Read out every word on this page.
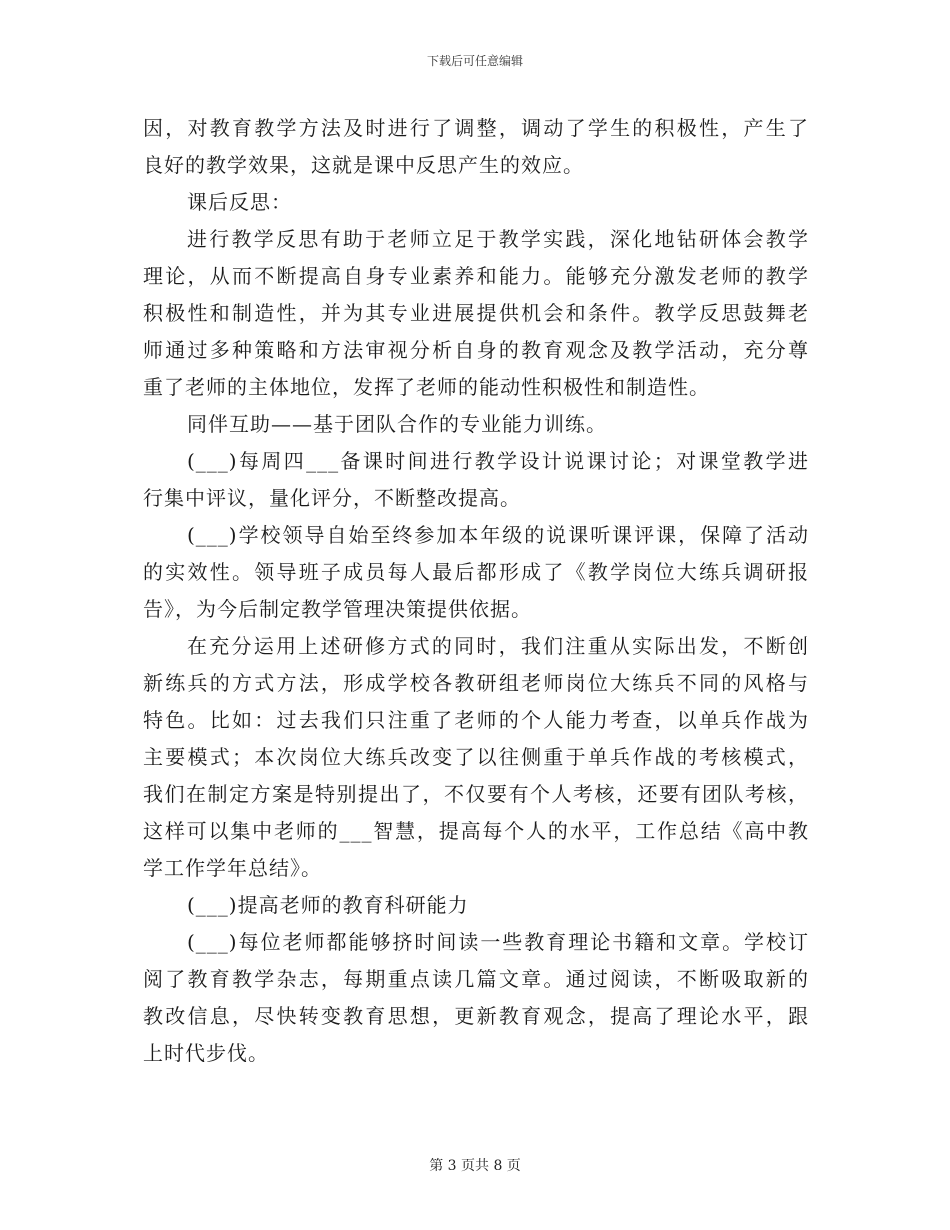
下载后可任意编辑
因，对教育教学方法及时进行了调整，调动了学生的积极性，产生了
良好的教学效果，这就是课中反思产生的效应。
课后反思：
进行教学反思有助于老师立足于教学实践，深化地钻研体会教学
理论，从而不断提高自身专业素养和能力。能够充分激发老师的教学
积极性和制造性，并为其专业进展提供机会和条件。教学反思鼓舞老
师通过多种策略和方法审视分析自身的教育观念及教学活动，充分尊
重了老师的主体地位，发挥了老师的能动性积极性和制造性。
同伴互助——基于团队合作的专业能力训练。
(___)每周四___备课时间进行教学设计说课讨论；对课堂教学进
行集中评议，量化评分，不断整改提高。
(___)学校领导自始至终参加本年级的说课听课评课，保障了活动
的实效性。领导班子成员每人最后都形成了《教学岗位大练兵调研报
告》，为今后制定教学管理决策提供依据。
在充分运用上述研修方式的同时，我们注重从实际出发，不断创
新练兵的方式方法，形成学校各教研组老师岗位大练兵不同的风格与
特色。比如：过去我们只注重了老师的个人能力考查，以单兵作战为
主要模式；本次岗位大练兵改变了以往侧重于单兵作战的考核模式，
我们在制定方案是特别提出了，不仅要有个人考核，还要有团队考核，
这样可以集中老师的___智慧，提高每个人的水平，工作总结《高中教
学工作学年总结》。
(___)提高老师的教育科研能力
(___)每位老师都能够挤时间读一些教育理论书籍和文章。学校订
阅了教育教学杂志，每期重点读几篇文章。通过阅读，不断吸取新的
教改信息，尽快转变教育思想，更新教育观念，提高了理论水平，跟
上时代步伐。
第 3 页共 8 页
